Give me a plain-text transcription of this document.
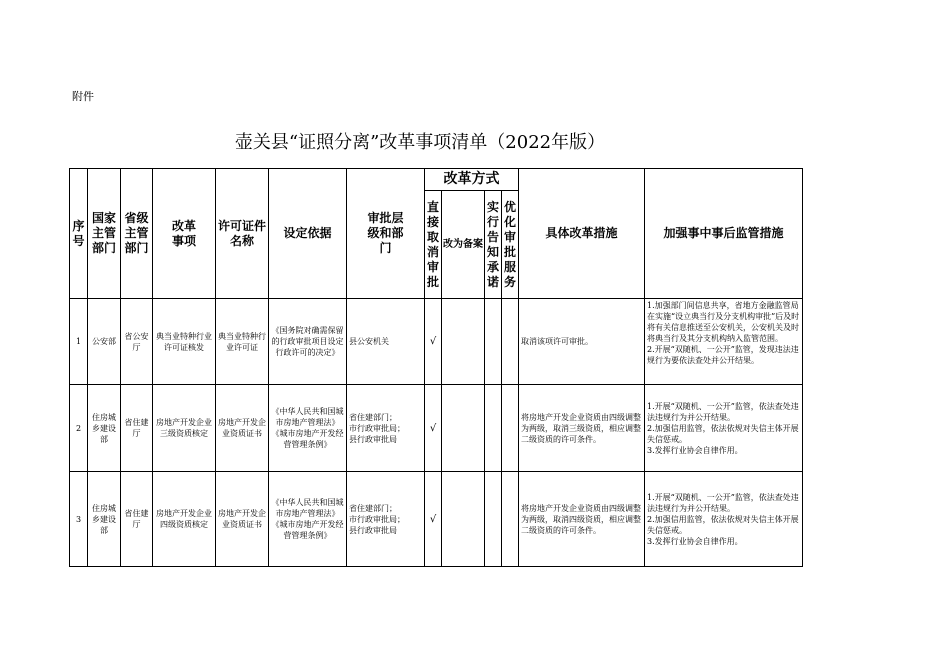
附件
壶关县“证照分离”改革事项清单（2022年版）
序号	国家主管部门	省级主管部门	改革事项	许可证件名称	设定依据	审批层级和部门	改革方式				具体改革措施	加强事中事后监管措施
							直接取消审批	改为备案	实行告知承诺	优化审批服务		
1	公安部	省公安厅	典当业特种行业许可证核发	典当业特种行业许可证	《国务院对确需保留的行政审批项目设定行政许可的决定》	县公安机关	√				取消该项许可审批。	1.加强部门间信息共享，省地方金融监管局在实施“设立典当行及分支机构审批”后及时将有关信息推送至公安机关，公安机关及时将典当行及其分支机构纳入监管范围。
2.开展“双随机、一公开”监管，发现违法违规行为要依法查处并公开结果。

2	住房城乡建设部	省住建厅	房地产开发企业三级资质核定	房地产开发企业资质证书	《中华人民共和国城市房地产管理法》
《城市房地产开发经营管理条例》	省住建部门；
市行政审批局；
县行政审批局	√				将房地产开发企业资质由四级调整为两级，取消三级资质，相应调整二级资质的许可条件。	1.开展“双随机、一公开”监管，依法查处违法违规行为并公开结果。
2.加强信用监管，依法依规对失信主体开展失信惩戒。
3.发挥行业协会自律作用。
3	住房城乡建设部	省住建厅	房地产开发企业四级资质核定	房地产开发企业资质证书	《中华人民共和国城市房地产管理法》
《城市房地产开发经营管理条例》	省住建部门；
市行政审批局；
县行政审批局	√				将房地产开发企业资质由四级调整为两级，取消四级资质，相应调整二级资质的许可条件。	1.开展“双随机、一公开”监管，依法查处违法违规行为并公开结果。
2.加强信用监管，依法依规对失信主体开展失信惩戒。
3.发挥行业协会自律作用。
